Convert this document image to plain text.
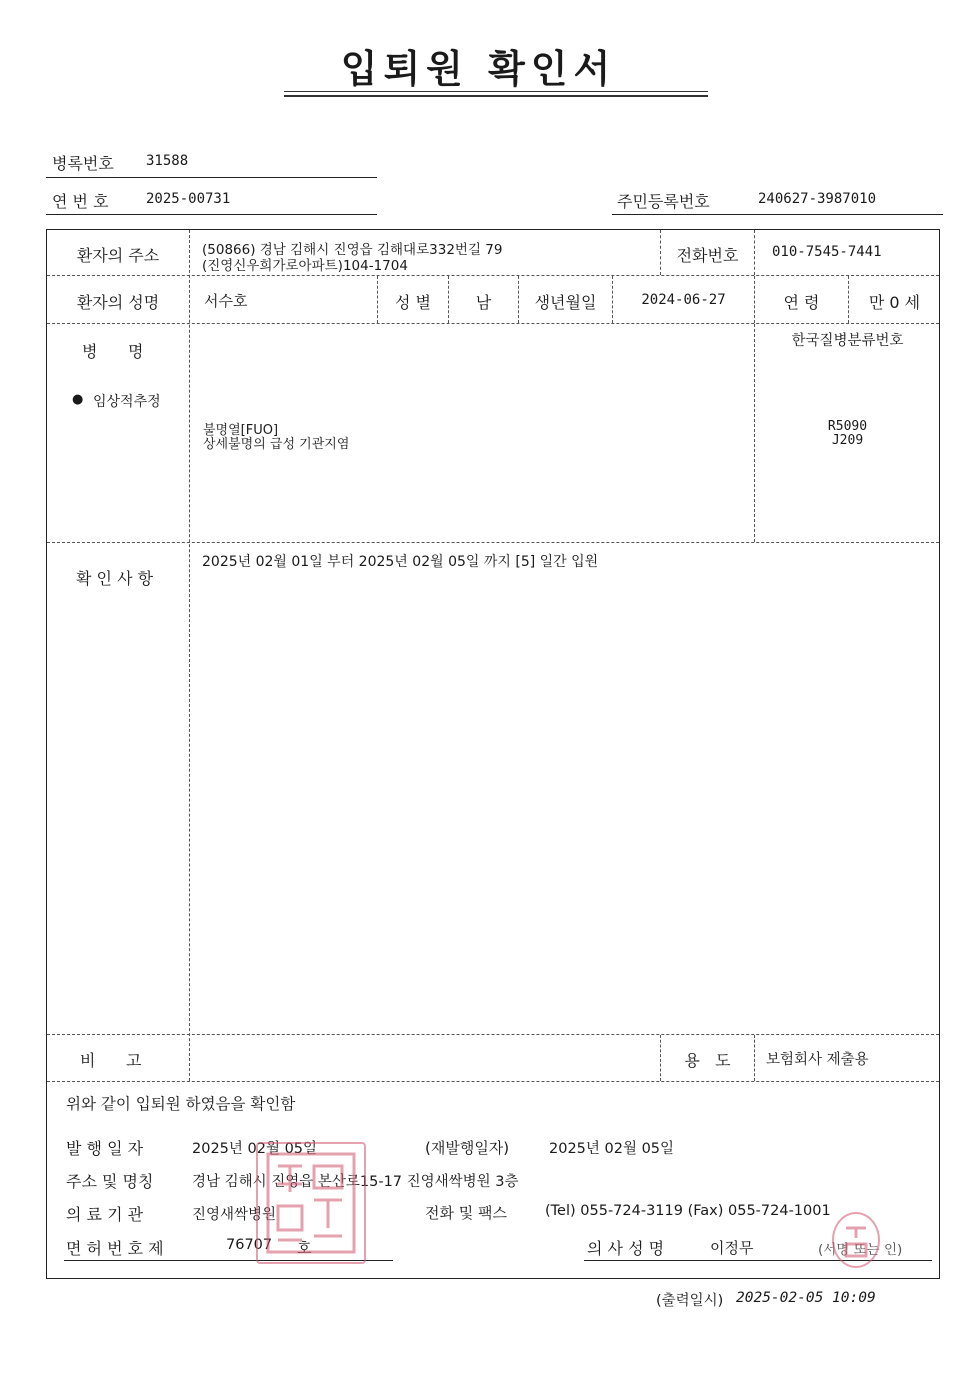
입퇴원 확인서
병록번호 31588
연 번 호	2025-00731	주민등록번호	240627-3987010
환자의 주소	(50866) 경남 김해시 진영읍 김해대로332번길 79
(진영신우희가로아파트)104-1704
전화번호	010-7545-7441
환자의 성명	서수호	성 별	남	생년월일	2024-06-27	연 령	만 0 세
병      명
● 임상적추정
불명열[FUO]
상세불명의 급성 기관지염
한국질병분류번호
R5090
J209
확 인 사 항
2025년 02월 01일 부터 2025년 02월 05일 까지 [5] 일간 입원
비      고	용   도	보험회사 제출용
위와 같이 입퇴원 하였음을 확인함
발 행 일 자	2025년 02월 05일	(재발행일자)	2025년 02월 05일
주소 및 명칭	경남 김해시 진영읍 본산로15-17 진영새싹병원 3층
의 료 기 관	진영새싹병원	전화 및 팩스	(Tel) 055-724-3119 (Fax) 055-724-1001
면 허 번 호 제	76707 호	의 사 성 명	이정무	(서명 또는 인)
(출력일시) 2025-02-05 10:09
